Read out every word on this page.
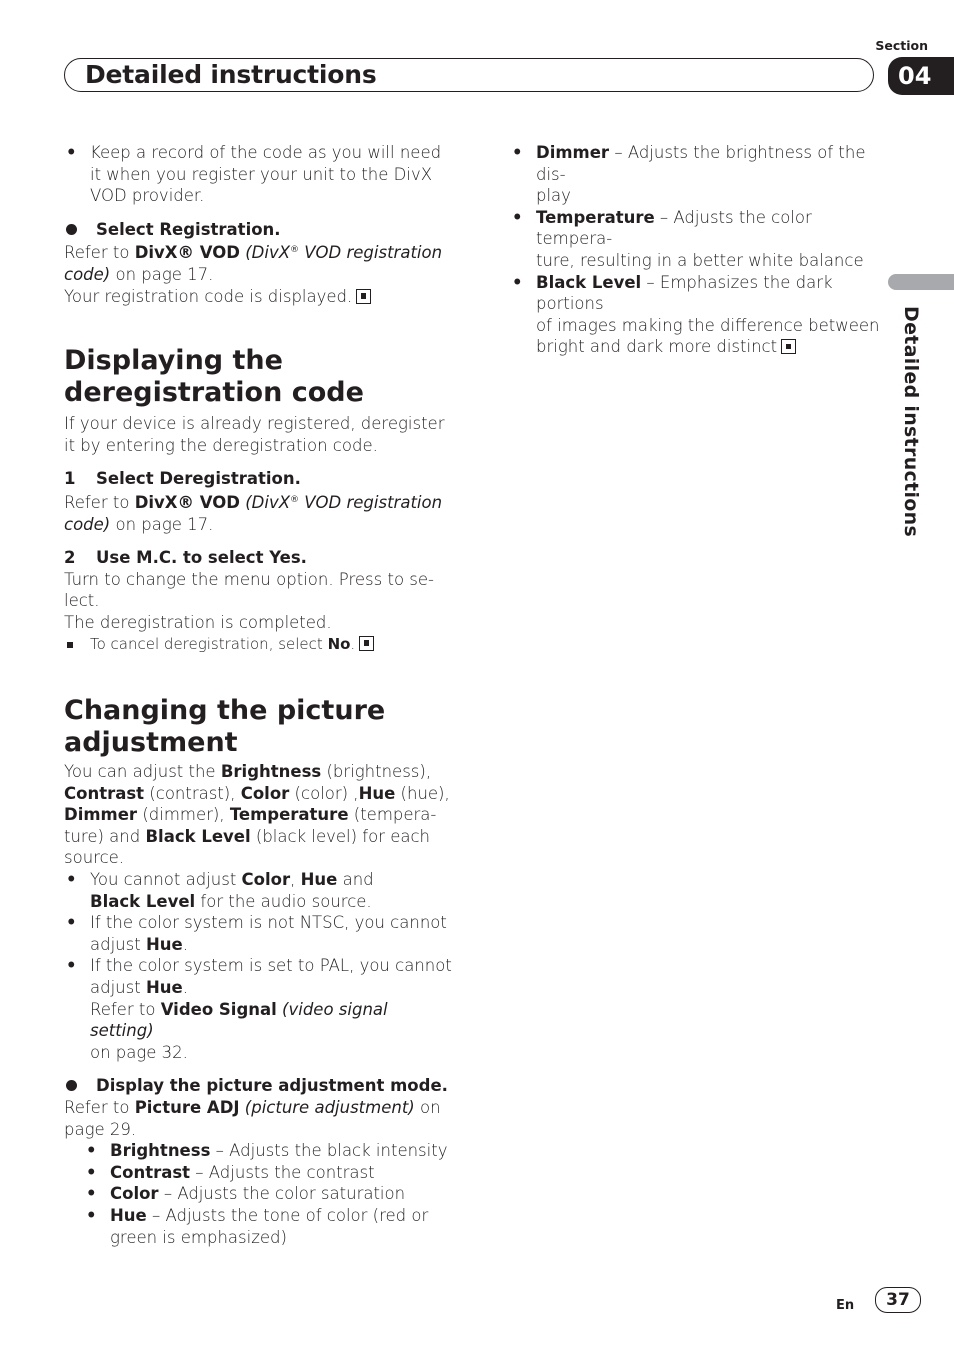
Section
Detailed instructions	04
Detailed instructions
• Keep a record of the code as you will need
it when you register your unit to the DivX
VOD provider.
Select Registration.
Refer to DivX® VOD (DivX® VOD registration
code) on page 17.
Your registration code is displayed.
Displaying the
deregistration code
If your device is already registered, deregister
it by entering the deregistration code.
1	Select Deregistration.
Refer to DivX® VOD (DivX® VOD registration
code) on page 17.
2	Use M.C. to select Yes.
Turn to change the menu option. Press to se-
lect.
The deregistration is completed.
To cancel deregistration, select No.
Changing the picture
adjustment
You can adjust the Brightness (brightness),
Contrast (contrast), Color (color) ,Hue (hue),
Dimmer (dimmer), Temperature (tempera-
ture) and Black Level (black level) for each
source.
• You cannot adjust Color, Hue and
Black Level for the audio source.
• If the color system is not NTSC, you cannot
adjust Hue.
• If the color system is set to PAL, you cannot
adjust Hue.
Refer to Video Signal (video signal setting)
on page 32.
Display the picture adjustment mode.
Refer to Picture ADJ (picture adjustment) on
page 29.
• Brightness – Adjusts the black intensity
• Contrast – Adjusts the contrast
• Color – Adjusts the color saturation
• Hue – Adjusts the tone of color (red or
green is emphasized)
• Dimmer – Adjusts the brightness of the dis-
play
• Temperature – Adjusts the color tempera-
ture, resulting in a better white balance
• Black Level – Emphasizes the dark portions
of images making the difference between
bright and dark more distinct
En	37
